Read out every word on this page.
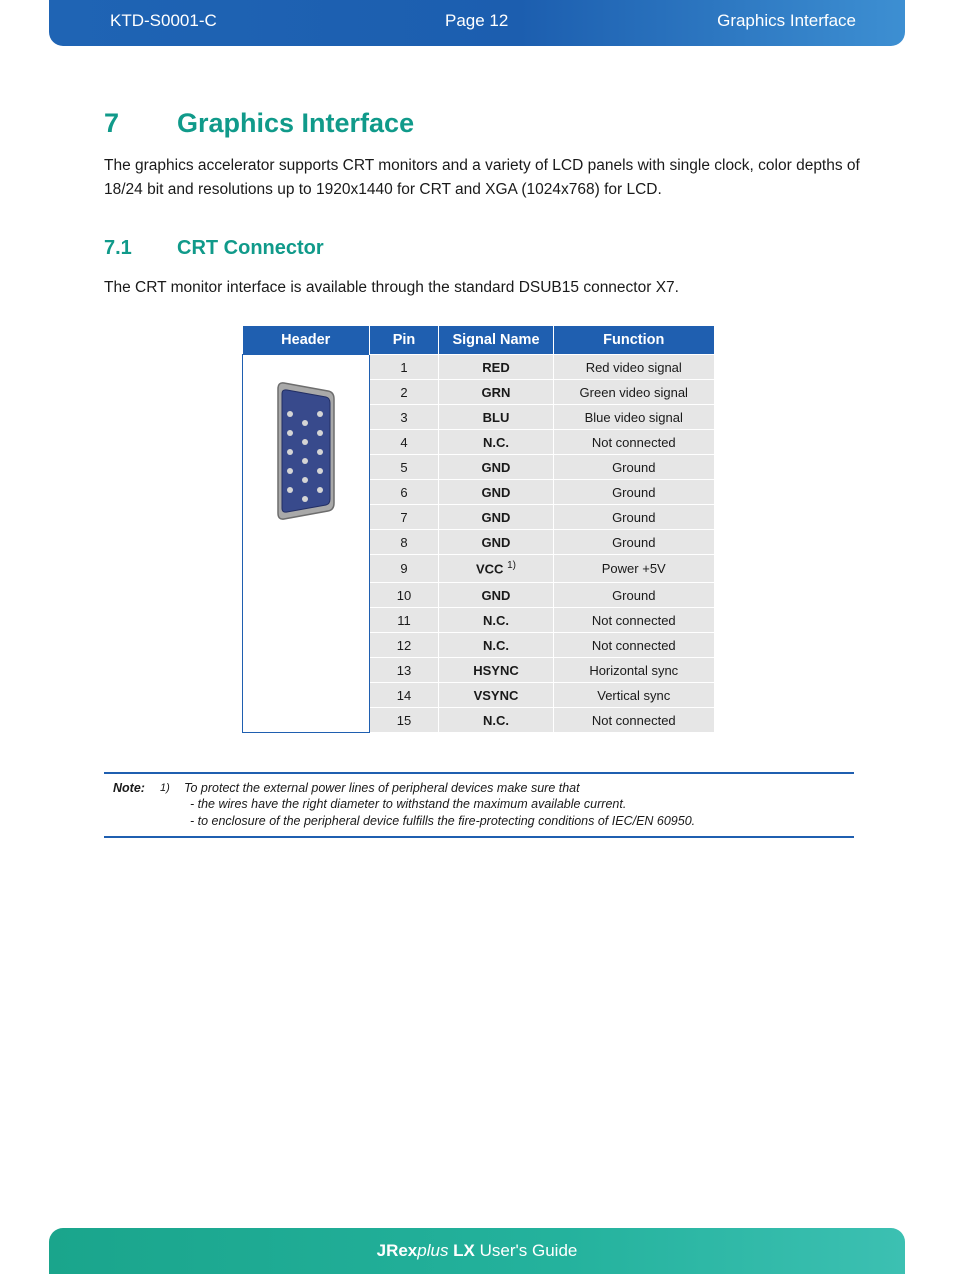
KTD-S0001-C	Page 12	Graphics Interface
7 Graphics Interface

The graphics accelerator supports CRT monitors and a variety of LCD panels with single clock, color depths of 18/24 bit and resolutions up to 1920x1440 for CRT and XGA (1024x768) for LCD.

7.1 CRT Connector

The CRT monitor interface is available through the standard DSUB15 connector X7.

Header	Pin	Signal Name	Function
	1	RED	Red video signal
	2	GRN	Green video signal
	3	BLU	Blue video signal
	4	N.C.	Not connected
	5	GND	Ground
	6	GND	Ground
	7	GND	Ground
	8	GND	Ground
	9	VCC $^{1)}$	Power +5V
	10	GND	Ground
	11	N.C.	Not connected
	12	N.C.	Not connected
	13	HSYNC	Horizontal sync
	14	VSYNC	Vertical sync
	15	N.C.	Not connected
Note: 1) To protect the external power lines of peripheral devices make sure that
- the wires have the right diameter to withstand the maximum available current.
- to enclosure of the peripheral device fulfills the fire-protecting conditions of IEC/EN 60950.
JRexplus LX User's Guide
